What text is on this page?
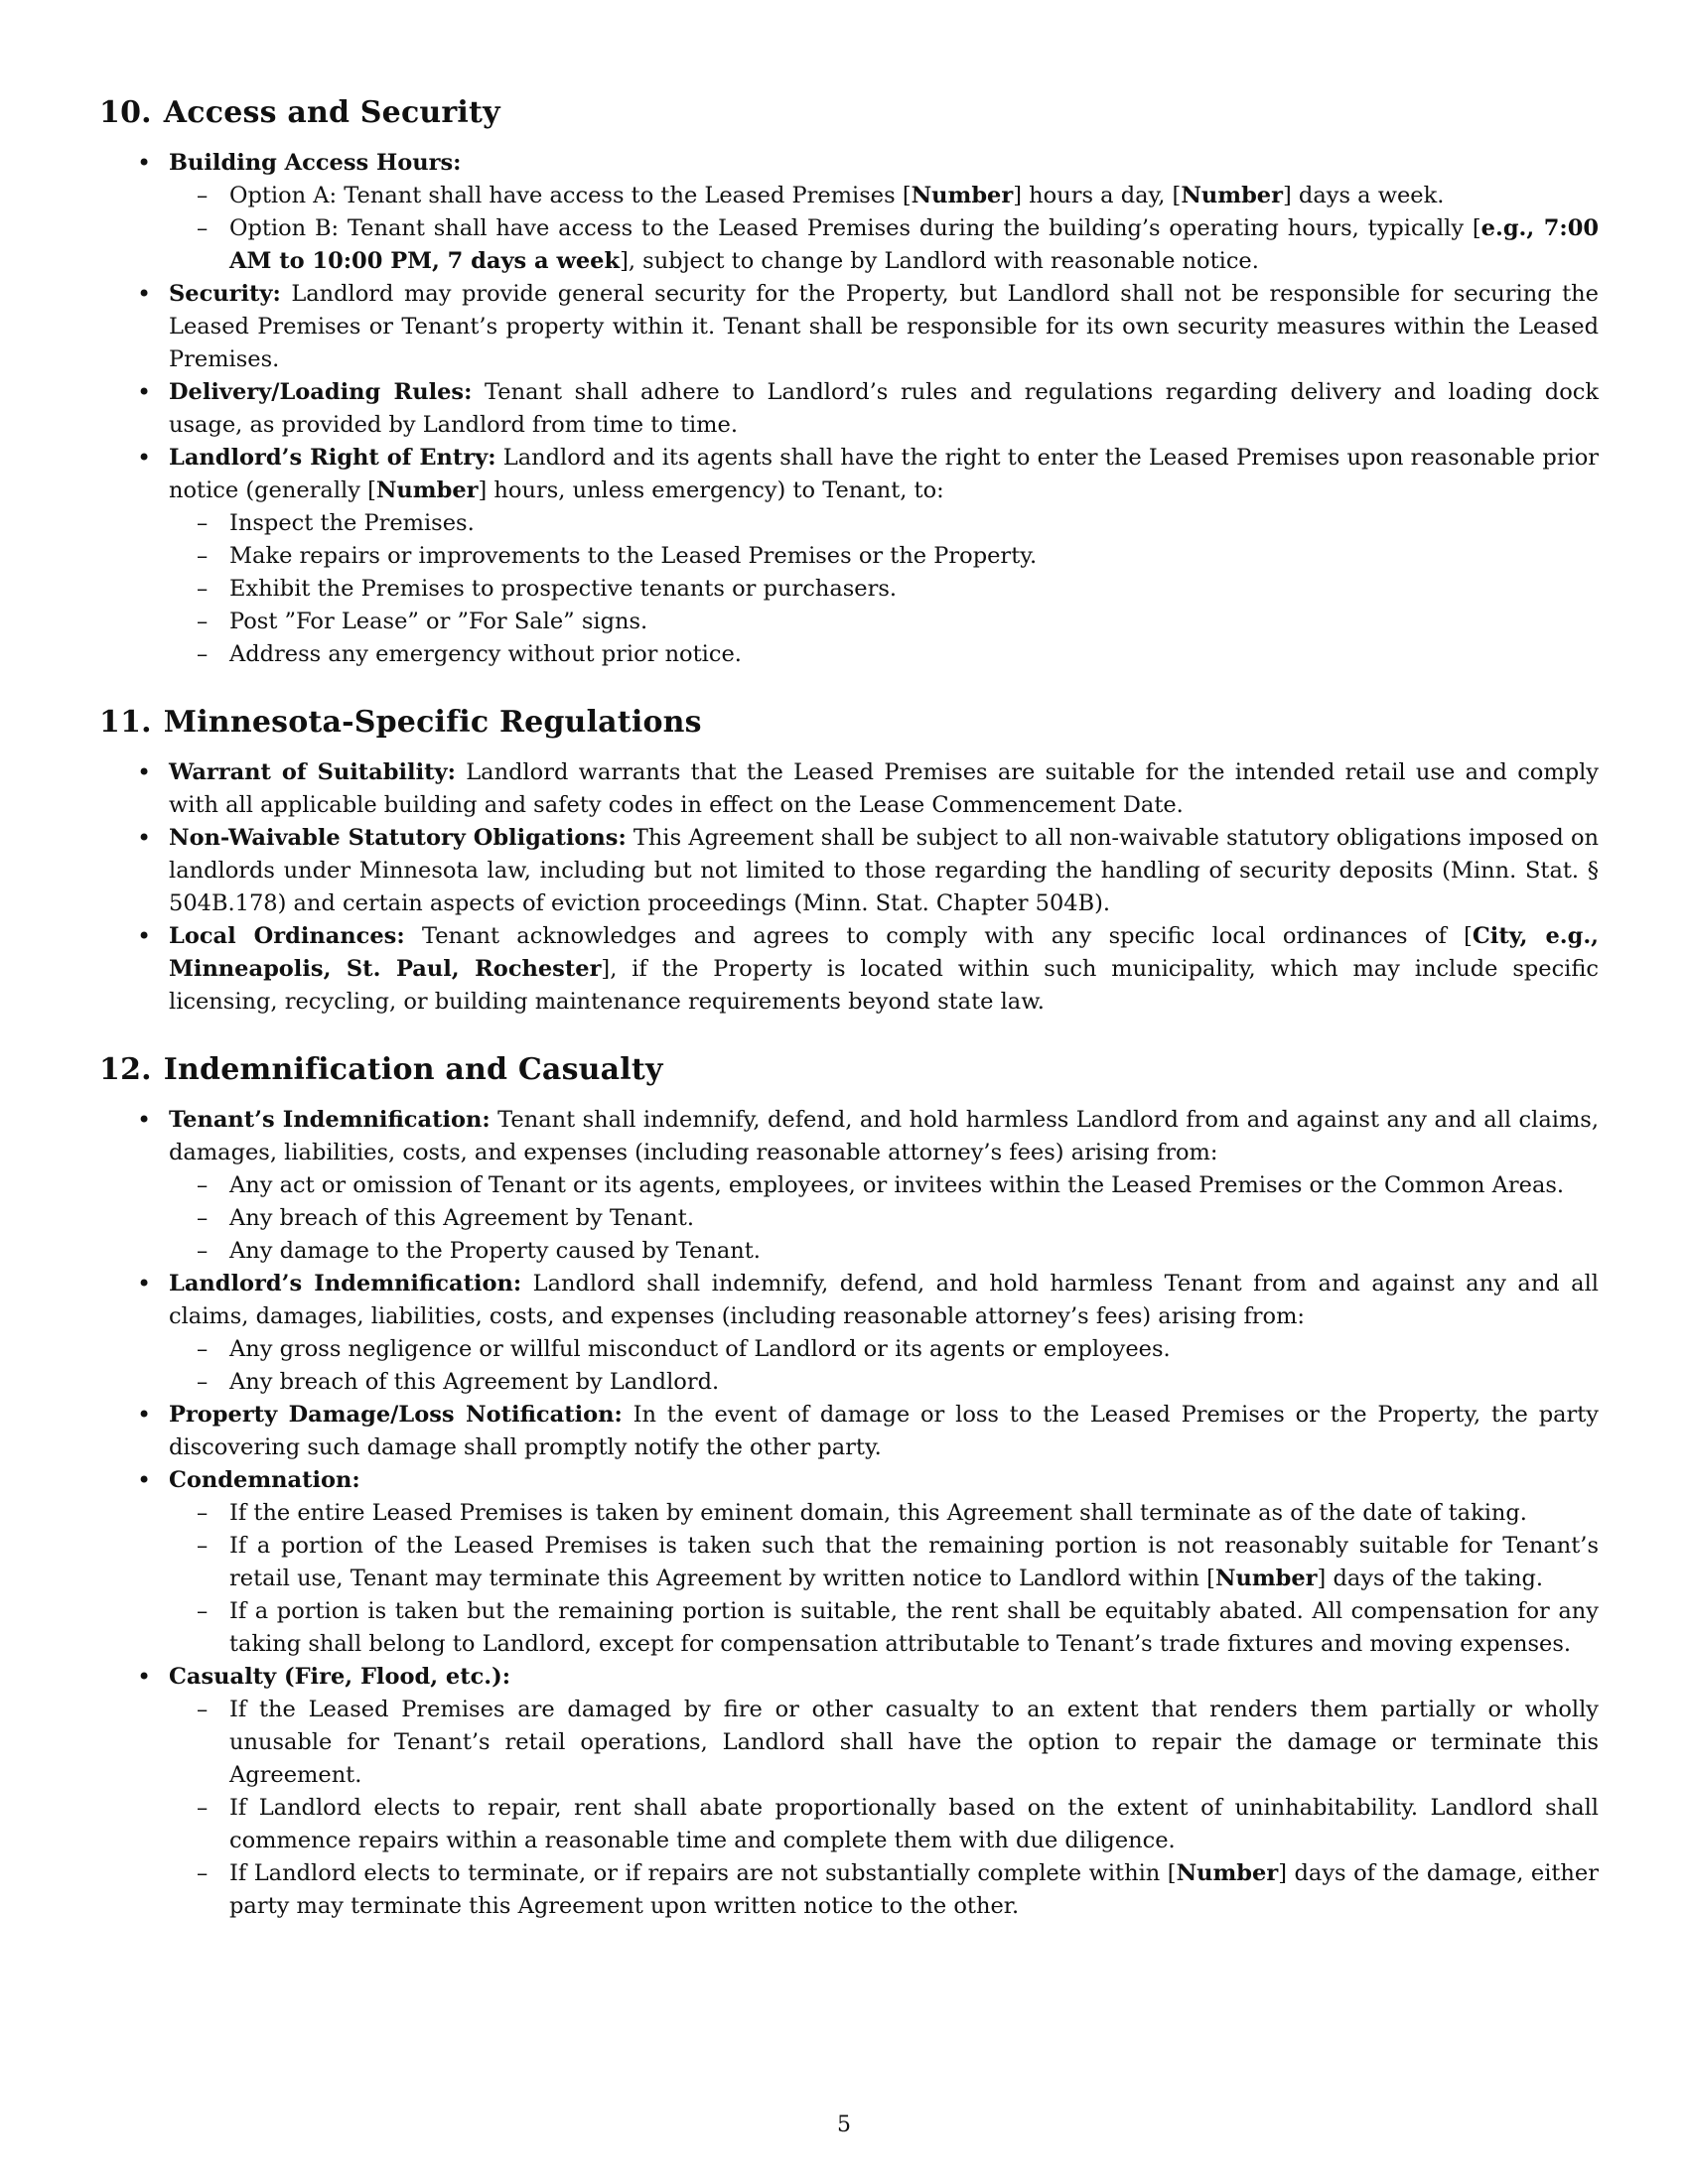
10. Access and Security
• Building Access Hours:
– Option A: Tenant shall have access to the Leased Premises [Number] hours a day, [Number] days a week.
– Option B: Tenant shall have access to the Leased Premises during the building’s operating hours, typically [e.g., 7:00 AM to 10:00 PM, 7 days a week], subject to change by Landlord with reasonable notice.
• Security: Landlord may provide general security for the Property, but Landlord shall not be responsible for securing the Leased Premises or Tenant’s property within it. Tenant shall be responsible for its own security measures within the Leased Premises.
• Delivery/Loading Rules: Tenant shall adhere to Landlord’s rules and regulations regarding delivery and loading dock usage, as provided by Landlord from time to time.
• Landlord’s Right of Entry: Landlord and its agents shall have the right to enter the Leased Premises upon reasonable prior notice (generally [Number] hours, unless emergency) to Tenant, to:
– Inspect the Premises.
– Make repairs or improvements to the Leased Premises or the Property.
– Exhibit the Premises to prospective tenants or purchasers.
– Post ”For Lease” or ”For Sale” signs.
– Address any emergency without prior notice.
11. Minnesota-Specific Regulations
• Warrant of Suitability: Landlord warrants that the Leased Premises are suitable for the intended retail use and comply with all applicable building and safety codes in effect on the Lease Commencement Date.
• Non-Waivable Statutory Obligations: This Agreement shall be subject to all non-waivable statutory obligations imposed on landlords under Minnesota law, including but not limited to those regarding the handling of security deposits (Minn. Stat. § 504B.178) and certain aspects of eviction proceedings (Minn. Stat. Chapter 504B).
• Local Ordinances: Tenant acknowledges and agrees to comply with any specific local ordinances of [City, e.g., Minneapolis, St. Paul, Rochester], if the Property is located within such municipality, which may include specific licensing, recycling, or building maintenance requirements beyond state law.
12. Indemnification and Casualty
• Tenant’s Indemnification: Tenant shall indemnify, defend, and hold harmless Landlord from and against any and all claims, damages, liabilities, costs, and expenses (including reasonable attorney’s fees) arising from:
– Any act or omission of Tenant or its agents, employees, or invitees within the Leased Premises or the Common Areas.
– Any breach of this Agreement by Tenant.
– Any damage to the Property caused by Tenant.
• Landlord’s Indemnification: Landlord shall indemnify, defend, and hold harmless Tenant from and against any and all claims, damages, liabilities, costs, and expenses (including reasonable attorney’s fees) arising from:
– Any gross negligence or willful misconduct of Landlord or its agents or employees.
– Any breach of this Agreement by Landlord.
• Property Damage/Loss Notification: In the event of damage or loss to the Leased Premises or the Property, the party discovering such damage shall promptly notify the other party.
• Condemnation:
– If the entire Leased Premises is taken by eminent domain, this Agreement shall terminate as of the date of taking.
– If a portion of the Leased Premises is taken such that the remaining portion is not reasonably suitable for Tenant’s retail use, Tenant may terminate this Agreement by written notice to Landlord within [Number] days of the taking.
– If a portion is taken but the remaining portion is suitable, the rent shall be equitably abated. All compensation for any taking shall belong to Landlord, except for compensation attributable to Tenant’s trade fixtures and moving expenses.
• Casualty (Fire, Flood, etc.):
– If the Leased Premises are damaged by fire or other casualty to an extent that renders them partially or wholly unusable for Tenant’s retail operations, Landlord shall have the option to repair the damage or terminate this Agreement.
– If Landlord elects to repair, rent shall abate proportionally based on the extent of uninhabitability. Landlord shall commence repairs within a reasonable time and complete them with due diligence.
– If Landlord elects to terminate, or if repairs are not substantially complete within [Number] days of the damage, either party may terminate this Agreement upon written notice to the other.
5
